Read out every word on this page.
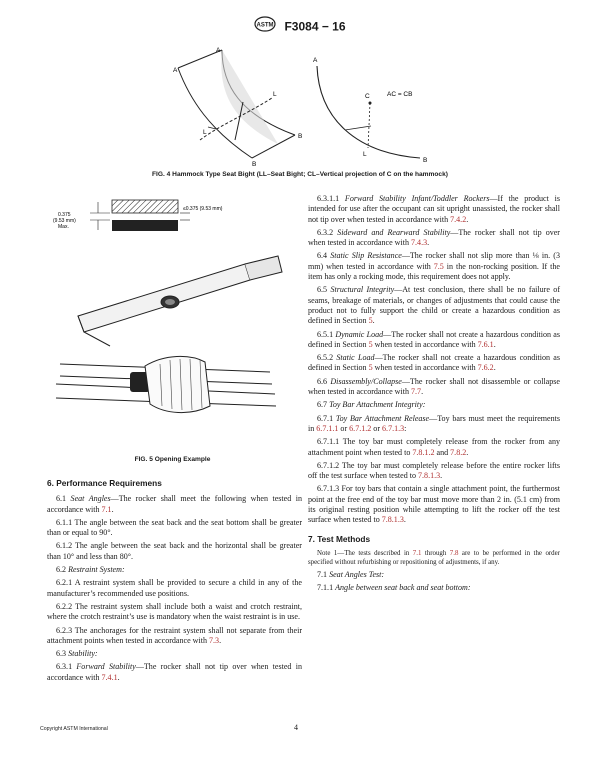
ASTM F3084 − 16
A
A
B
B
L
L
A
B
C
L
AC = CB
FIG. 4 Hammock Type Seat Bight (LL–Seat Bight; CL–Vertical projection of C on the hammock)
0.375
(9.53 mm)
Max.
≤0.375 (9.53 mm)
FIG. 5 Opening Example
6. Performance Requiremens

6.1 Seat Angles—The rocker shall meet the following when tested in accordance with 7.1.

6.1.1 The angle between the seat back and the seat bottom shall be greater than or equal to 90°.

6.1.2 The angle between the seat back and the horizontal shall be greater than 10° and less than 80°.

6.2 Restraint System:

6.2.1 A restraint system shall be provided to secure a child in any of the manufacturer’s recommended use positions.

6.2.2 The restraint system shall include both a waist and crotch restraint, where the crotch restraint’s use is mandatory when the waist restraint is in use.

6.2.3 The anchorages for the restraint system shall not separate from their attachment points when tested in accordance with 7.3.

6.3 Stability:

6.3.1 Forward Stability—The rocker shall not tip over when tested in accordance with 7.4.1.

6.3.1.1 Forward Stability Infant/Toddler Rockers—If the product is intended for use after the occupant can sit upright unassisted, the rocker shall not tip over when tested in accordance with 7.4.2.

6.3.2 Sideward and Rearward Stability—The rocker shall not tip over when tested in accordance with 7.4.3.

6.4 Static Slip Resistance—The rocker shall not slip more than ⅛ in. (3 mm) when tested in accordance with 7.5 in the non-rocking position. If the item has only a rocking mode, this requirement does not apply.

6.5 Structural Integrity—At test conclusion, there shall be no failure of seams, breakage of materials, or changes of adjustments that could cause the product not to fully support the child or create a hazardous condition as defined in Section 5.

6.5.1 Dynamic Load—The rocker shall not create a hazardous condition as defined in Section 5 when tested in accordance with 7.6.1.

6.5.2 Static Load—The rocker shall not create a hazardous condition as defined in Section 5 when tested in accordance with 7.6.2.

6.6 Disassembly/Collapse—The rocker shall not disassemble or collapse when tested in accordance with 7.7.

6.7 Toy Bar Attachment Integrity:

6.7.1 Toy Bar Attachment Release—Toy bars must meet the requirements in 6.7.1.1 or 6.7.1.2 or 6.7.1.3:

6.7.1.1 The toy bar must completely release from the rocker from any attachment point when tested to 7.8.1.2 and 7.8.2.

6.7.1.2 The toy bar must completely release before the entire rocker lifts off the test surface when tested to 7.8.1.3.

6.7.1.3 For toy bars that contain a single attachment point, the furthermost point at the free end of the toy bar must move more than 2 in. (5.1 cm) from its original resting position while attempting to lift the rocker off the test surface when tested to 7.8.1.3.

7. Test Methods

Note 1—The tests described in 7.1 through 7.8 are to be performed in the order specified without refurbishing or repositioning of adjustments, if any.

7.1 Seat Angles Test:

7.1.1 Angle between seat back and seat bottom:

Copyright ASTM International	4
